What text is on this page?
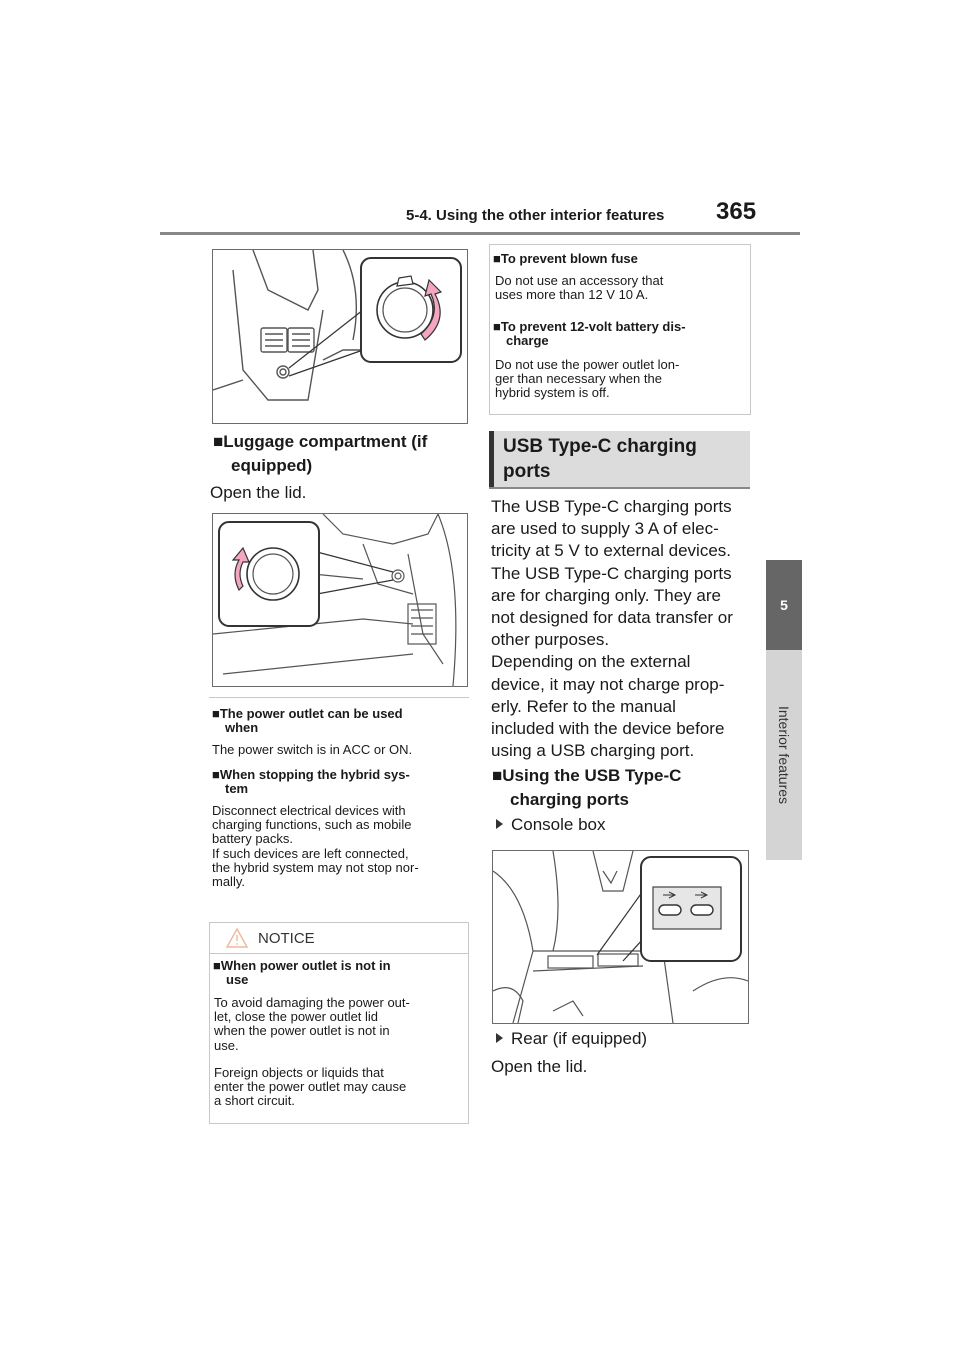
5-4. Using the other interior features 365
5
Interior features
■Luggage compartment (if
equipped)
Open the lid.
■The power outlet can be used
when
The power switch is in ACC or ON.
■When stopping the hybrid sys-
tem
Disconnect electrical devices with
charging functions, such as mobile
battery packs.
If such devices are left connected,
the hybrid system may not stop nor-
mally.
NOTICE
■When power outlet is not in
use
To avoid damaging the power out-
let, close the power outlet lid
when the power outlet is not in
use.
Foreign objects or liquids that
enter the power outlet may cause
a short circuit.
■To prevent blown fuse
Do not use an accessory that
uses more than 12 V 10 A.
■To prevent 12-volt battery dis-
charge
Do not use the power outlet lon-
ger than necessary when the
hybrid system is off.
USB Type-C charging
ports
The USB Type-C charging ports
are used to supply 3 A of elec-
tricity at 5 V to external devices.
The USB Type-C charging ports
are for charging only. They are
not designed for data transfer or
other purposes.
Depending on the external
device, it may not charge prop-
erly. Refer to the manual
included with the device before
using a USB charging port.
■Using the USB Type-C
charging ports
Console box
Rear (if equipped)
Open the lid.
